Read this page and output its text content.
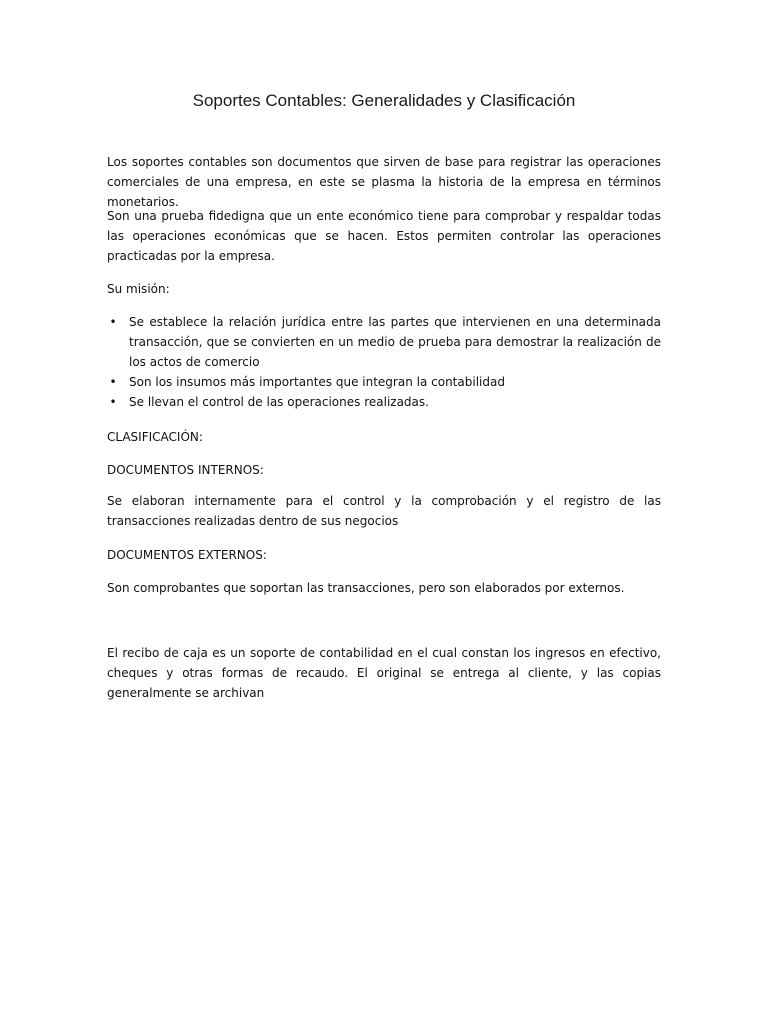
Soportes Contables: Generalidades y Clasificación

Los soportes contables son documentos que sirven de base para registrar las operaciones comerciales de una empresa, en este se plasma la historia de la empresa en términos monetarios.

Son una prueba fidedigna que un ente económico tiene para comprobar y respaldar todas las operaciones económicas que se hacen. Estos permiten controlar las operaciones practicadas por la empresa.

Su misión:

• Se establece la relación jurídica entre las partes que intervienen en una determinada transacción, que se convierten en un medio de prueba para demostrar la realización de los actos de comercio
• Son los insumos más importantes que integran la contabilidad
• Se llevan el control de las operaciones realizadas.

CLASIFICACIÓN:

DOCUMENTOS INTERNOS:

Se elaboran internamente para el control y la comprobación y el registro de las transacciones realizadas dentro de sus negocios

DOCUMENTOS EXTERNOS:

Son comprobantes que soportan las transacciones, pero son elaborados por externos.

El recibo de caja es un soporte de contabilidad en el cual constan los ingresos en efectivo, cheques y otras formas de recaudo. El original se entrega al cliente, y las copias generalmente se archivan
